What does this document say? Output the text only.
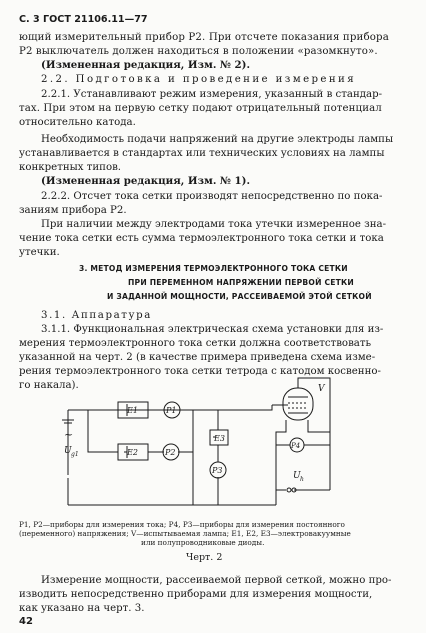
С. 3 ГОСТ 21106.11—77
ющий измерительный прибор Р2. При отсчете показания прибора
Р2 выключатель должен находиться в положении «разомкнуто».
(Измененная редакция, Изм. № 2).
2.2. Подготовка и проведение измерения
2.2.1. Устанавливают режим измерения, указанный в стандар-
тах. При этом на первую сетку подают отрицательный потенциал
относительно катода.
Необходимость подачи напряжений на другие электроды лампы
устанавливается в стандартах или технических условиях на лампы
конкретных типов.
(Измененная редакция, Изм. № 1).
2.2.2. Отсчет тока сетки производят непосредственно по пока-
заниям прибора Р2.
При наличии между электродами тока утечки измеренное зна-
чение тока сетки есть сумма термоэлектронного тока сетки и тока
утечки.
3. МЕТОД ИЗМЕРЕНИЯ ТЕРМОЭЛЕКТРОННОГО ТОКА СЕТКИ
ПРИ ПЕРЕМЕННОМ НАПРЯЖЕНИИ ПЕРВОЙ СЕТКИ
И ЗАДАННОЙ МОЩНОСТИ, РАССЕИВАЕМОЙ ЭТОЙ СЕТКОЙ
3.1. Аппаратура
3.1.1. Функциональная электрическая схема установки для из-
мерения термоэлектронного тока сетки должна соответствовать
указанной на черт. 2 (в качестве примера приведена схема изме-
рения термоэлектронного тока сетки тетрода с катодом косвенно-
го накала).
E1
E2
P1
P2
E3
P3
P4
V
U h
~
U g1
P1, P2—приборы для измерения тока; P4, P3—приборы для измерения постоянного
(переменного) напряжения; V—испытываемая лампа; E1, E2, E3—электровакуумные
или полупроводниковые диоды.
Черт. 2
Измерение мощности, рассеиваемой первой сеткой, можно про-
изводить непосредственно приборами для измерения мощности,
как указано на черт. 3.
42
